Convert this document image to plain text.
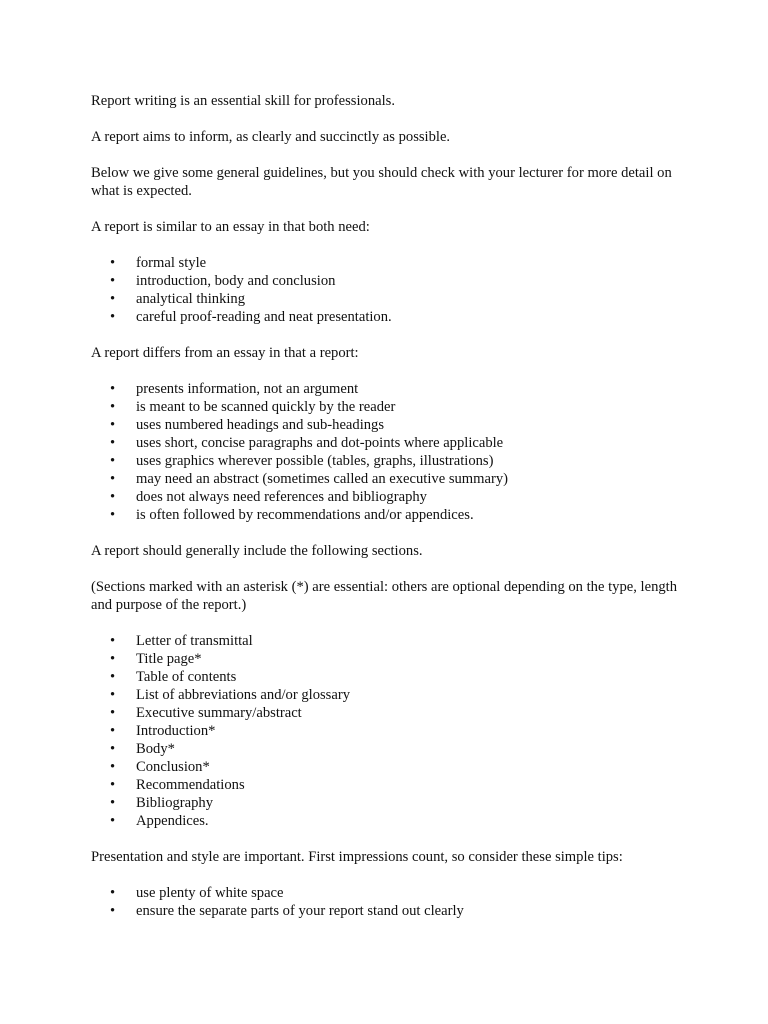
Report writing is an essential skill for professionals.

A report aims to inform, as clearly and succinctly as possible.

Below we give some general guidelines, but you should check with your lecturer for more detail on what is expected.

A report is similar to an essay in that both need:

• formal style
• introduction, body and conclusion
• analytical thinking
• careful proof-reading and neat presentation.

A report differs from an essay in that a report:

• presents information, not an argument
• is meant to be scanned quickly by the reader
• uses numbered headings and sub-headings
• uses short, concise paragraphs and dot-points where applicable
• uses graphics wherever possible (tables, graphs, illustrations)
• may need an abstract (sometimes called an executive summary)
• does not always need references and bibliography
• is often followed by recommendations and/or appendices.

A report should generally include the following sections.

(Sections marked with an asterisk (*) are essential: others are optional depending on the type, length and purpose of the report.)

• Letter of transmittal
• Title page*
• Table of contents
• List of abbreviations and/or glossary
• Executive summary/abstract
• Introduction*
• Body*
• Conclusion*
• Recommendations
• Bibliography
• Appendices.

Presentation and style are important. First impressions count, so consider these simple tips:

• use plenty of white space
• ensure the separate parts of your report stand out clearly
